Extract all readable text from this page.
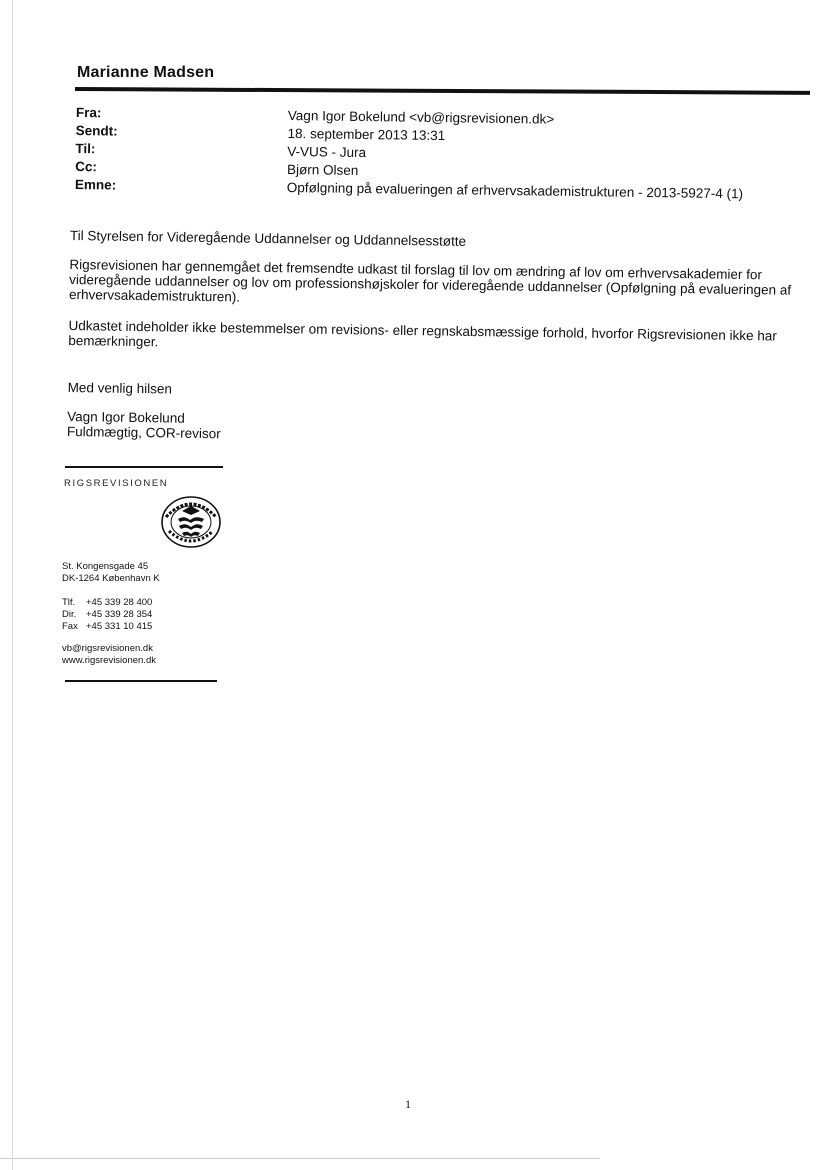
Marianne Madsen
Fra:	Vagn Igor Bokelund <vb@rigsrevisionen.dk>
Sendt:	18. september 2013 13:31
Til:	V-VUS - Jura
Cc:	Bjørn Olsen
Emne:	Opfølgning på evalueringen af erhvervsakademistrukturen - 2013-5927-4 (1)

Til Styrelsen for Videregående Uddannelser og Uddannelsesstøtte

Rigsrevisionen har gennemgået det fremsendte udkast til forslag til lov om ændring af lov om erhvervsakademier for videregående uddannelser og lov om professionshøjskoler for videregående uddannelser (Opfølgning på evalueringen af erhvervsakademistrukturen).

Udkastet indeholder ikke bestemmelser om revisions- eller regnskabsmæssige forhold, hvorfor Rigsrevisionen ikke har bemærkninger.

Med venlig hilsen

Vagn Igor Bokelund

Fuldmægtig, COR-revisor

RIGSREVISIONEN

St. Kongensgade 45

DK-1264 København K

Tlf. +45 339 28 400

Dir. +45 339 28 354

Fax +45 331 10 415

vb@rigsrevisionen.dk

www.rigsrevisionen.dk

1
